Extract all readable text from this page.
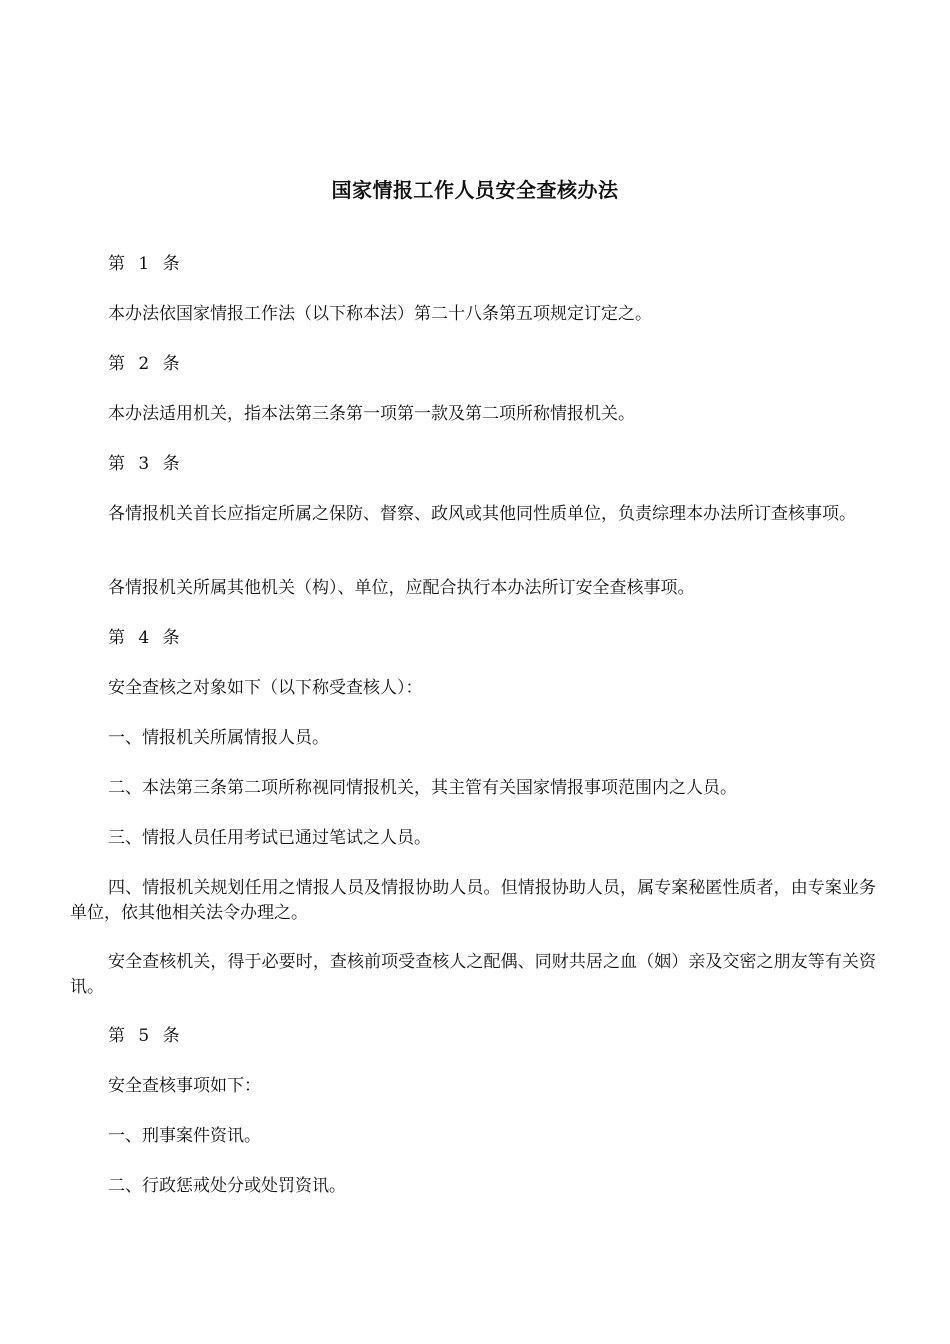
国家情报工作人员安全查核办法

第 1 条

本办法依国家情报工作法（以下称本法）第二十八条第五项规定订定之。

第 2 条

本办法适用机关，指本法第三条第一项第一款及第二项所称情报机关。

第 3 条

各情报机关首长应指定所属之保防、督察、政风或其他同性质单位，负责综理本办法所订查核事项。

各情报机关所属其他机关（构）、单位，应配合执行本办法所订安全查核事项。

第 4 条

安全查核之对象如下（以下称受查核人）：

一、情报机关所属情报人员。

二、本法第三条第二项所称视同情报机关，其主管有关国家情报事项范围内之人员。

三、情报人员任用考试已通过笔试之人员。

四、情报机关规划任用之情报人员及情报协助人员。但情报协助人员，属专案秘匿性质者，由专案业务单位，依其他相关法令办理之。

安全查核机关，得于必要时，查核前项受查核人之配偶、同财共居之血（姻）亲及交密之朋友等有关资讯。

第 5 条

安全查核事项如下：

一、刑事案件资讯。

二、行政惩戒处分或处罚资讯。
